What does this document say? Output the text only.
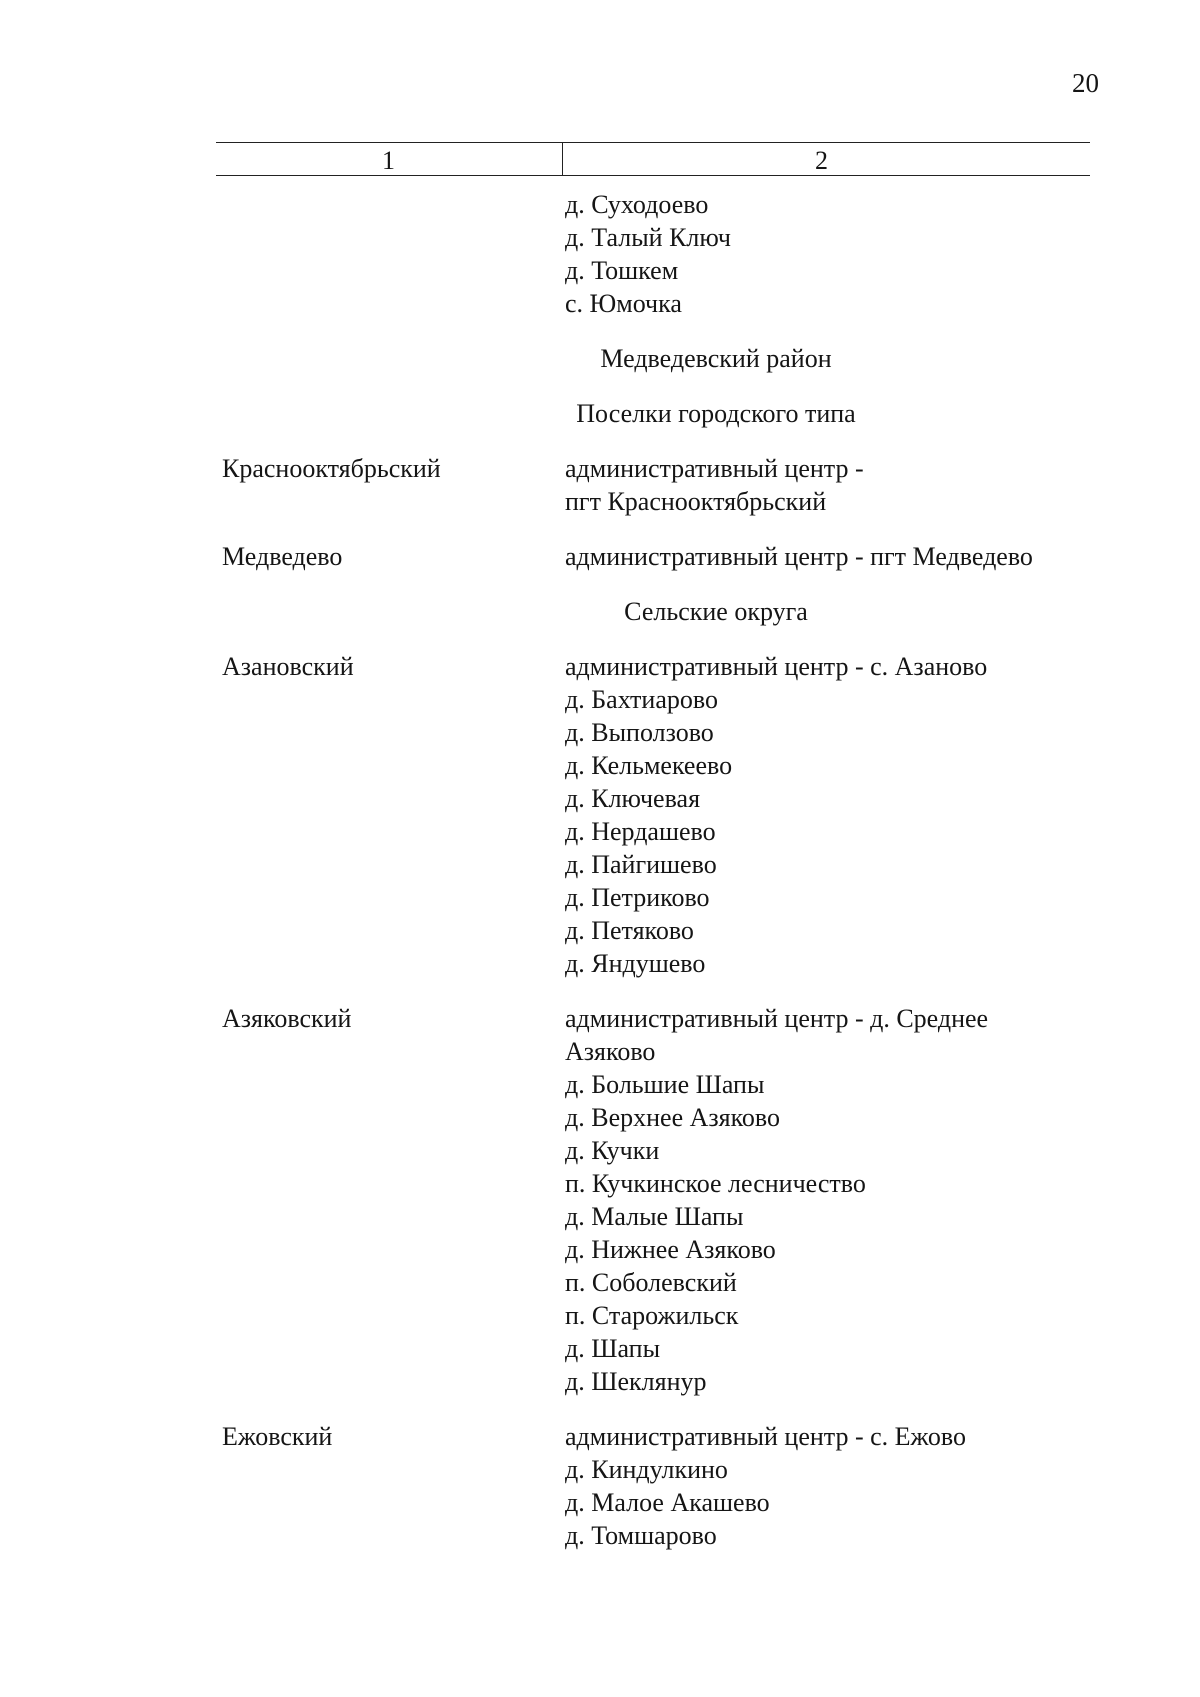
20
1	2
д. Суходоево
д. Талый Ключ
д. Тошкем
с. Юмочка
Медведевский район
Поселки городского типа
Краснооктябрьский	административный центр -
пгт Краснооктябрьский
Медведево	административный центр - пгт Медведево
Сельские округа
Азановский	административный центр - с. Азаново
д. Бахтиарово
д. Выползово
д. Кельмекеево
д. Ключевая
д. Нердашево
д. Пайгишево
д. Петриково
д. Петяково
д. Яндушево
Азяковский	административный центр - д. Среднее
Азяково
д. Большие Шапы
д. Верхнее Азяково
д. Кучки
п. Кучкинское лесничество
д. Малые Шапы
д. Нижнее Азяково
п. Соболевский
п. Старожильск
д. Шапы
д. Шеклянур
Ежовский	административный центр - с. Ежово
д. Киндулкино
д. Малое Акашево
д. Томшарово
